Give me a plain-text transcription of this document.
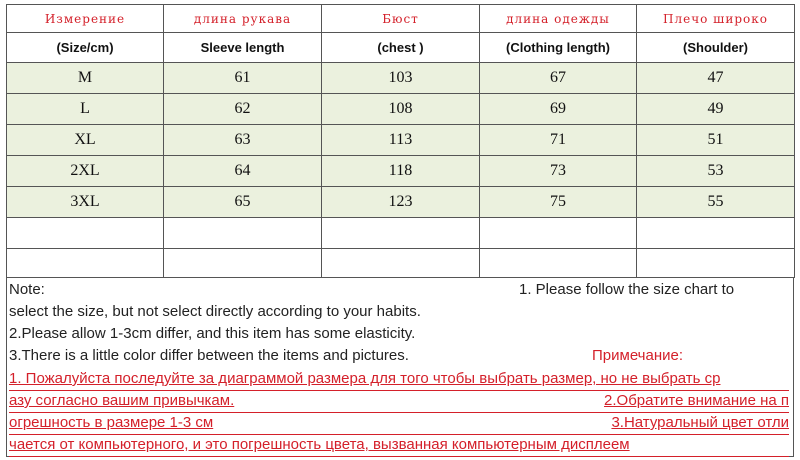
Измерение	длина рукава	Бюст	длина одежды	Плечо широко
(Size/cm)	Sleeve length	(chest )	(Clothing length)	(Shoulder)
M	61	103	67	47
L	62	108	69	49
XL	63	113	71	51
2XL	64	118	73	53
3XL	65	123	75	55

Note:	1. Please follow the size chart to
select the size, but not select directly according to your habits.
2.Please allow 1-3cm differ, and this item has some elasticity.
3.There is a little color differ between the items and pictures.	Примечание:
1. Пожалуйста последуйте за диаграммой размера для того чтобы выбрать размер, но не выбрать ср
азу согласно вашим привычкам.	2.Обратите внимание на п
огрешность в размере 1-3 см	3.Натуральный цвет отли
чается от компьютерного, и это погрешность цвета, вызванная компьютерным дисплеем
